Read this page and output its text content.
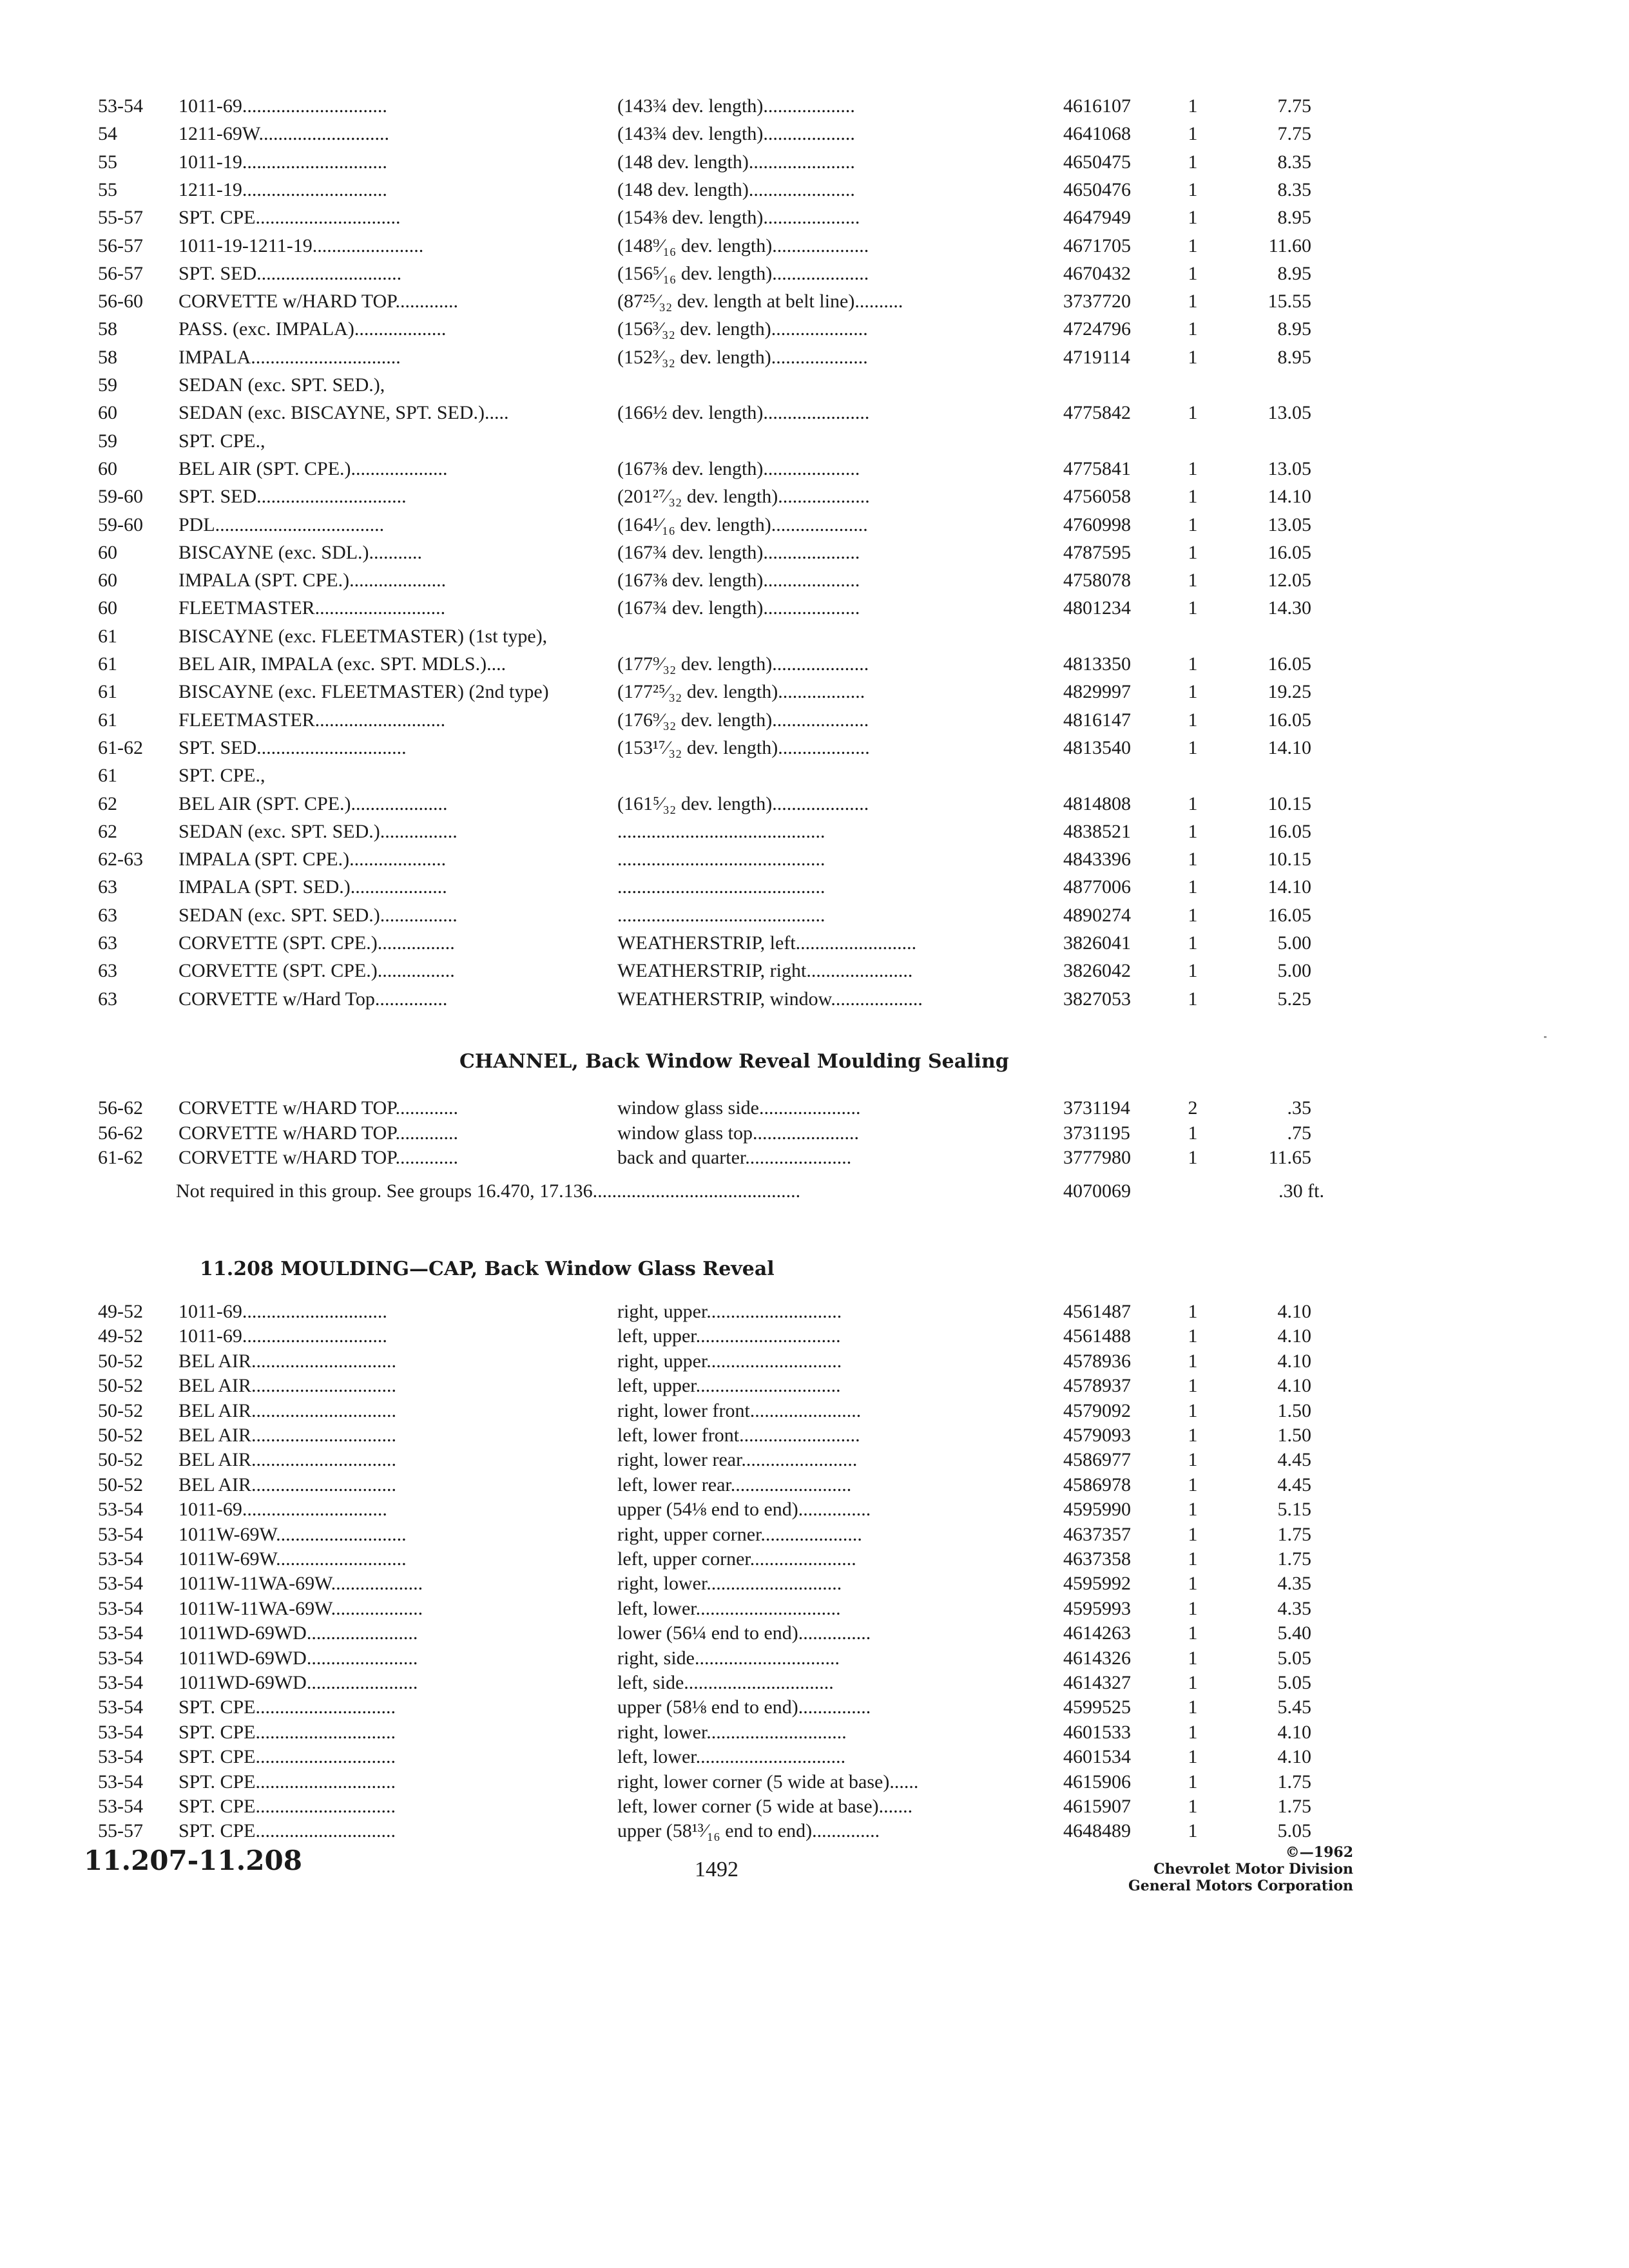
53-54	1011-69..............................	(143¾ dev. length)...................	4616107	1	7.75
54	1211-69W...........................	(143¾ dev. length)...................	4641068	1	7.75
55	1011-19..............................	(148 dev. length)......................	4650475	1	8.35
55	1211-19..............................	(148 dev. length)......................	4650476	1	8.35
55-57	SPT. CPE..............................	(154⅜ dev. length)....................	4647949	1	8.95
56-57	1011-19-1211-19.......................	(148⁹⁄₁₆ dev. length)....................	4671705	1	11.60
56-57	SPT. SED..............................	(156⁵⁄₁₆ dev. length)....................	4670432	1	8.95
56-60	CORVETTE w/HARD TOP.............	(87²⁵⁄₃₂ dev. length at belt line)..........	3737720	1	15.55
58	PASS. (exc. IMPALA)...................	(156³⁄₃₂ dev. length)....................	4724796	1	8.95
58	IMPALA...............................	(152³⁄₃₂ dev. length)....................	4719114	1	8.95
59	SEDAN (exc. SPT. SED.),
60	SEDAN (exc. BISCAYNE, SPT. SED.).....	(166½ dev. length)......................	4775842	1	13.05
59	SPT. CPE.,
60	BEL AIR (SPT. CPE.)....................	(167⅜ dev. length)....................	4775841	1	13.05
59-60	SPT. SED...............................	(201²⁷⁄₃₂ dev. length)...................	4756058	1	14.10
59-60	PDL...................................	(164¹⁄₁₆ dev. length)....................	4760998	1	13.05
60	BISCAYNE (exc. SDL.)...........	(167¾ dev. length)....................	4787595	1	16.05
60	IMPALA (SPT. CPE.)....................	(167⅜ dev. length)....................	4758078	1	12.05
60	FLEETMASTER...........................	(167¾ dev. length)....................	4801234	1	14.30
61	BISCAYNE (exc. FLEETMASTER) (1st type),
61	BEL AIR, IMPALA (exc. SPT. MDLS.)....	(177⁹⁄₃₂ dev. length)....................	4813350	1	16.05
61	BISCAYNE (exc. FLEETMASTER) (2nd type)	(177²⁵⁄₃₂ dev. length)..................	4829997	1	19.25
61	FLEETMASTER...........................	(176⁹⁄₃₂ dev. length)....................	4816147	1	16.05
61-62	SPT. SED...............................	(153¹⁷⁄₃₂ dev. length)...................	4813540	1	14.10
61	SPT. CPE.,
62	BEL AIR (SPT. CPE.)....................	(161⁵⁄₃₂ dev. length)....................	4814808	1	10.15
62	SEDAN (exc. SPT. SED.)................	...........................................	4838521	1	16.05
62-63	IMPALA (SPT. CPE.)....................	...........................................	4843396	1	10.15
63	IMPALA (SPT. SED.)....................	...........................................	4877006	1	14.10
63	SEDAN (exc. SPT. SED.)................	...........................................	4890274	1	16.05
63	CORVETTE (SPT. CPE.)................	WEATHERSTRIP, left.........................	3826041	1	5.00
63	CORVETTE (SPT. CPE.)................	WEATHERSTRIP, right......................	3826042	1	5.00
63	CORVETTE w/Hard Top...............	WEATHERSTRIP, window...................	3827053	1	5.25
CHANNEL, Back Window Reveal Moulding Sealing
56-62	CORVETTE w/HARD TOP.............	window glass side.....................	3731194	2	.35
56-62	CORVETTE w/HARD TOP.............	window glass top......................	3731195	1	.75
61-62	CORVETTE w/HARD TOP.............	back and quarter......................	3777980	1	11.65
Not required in this group. See groups 16.470, 17.136...........................................	4070069	.30 ft.
11.208 MOULDING—CAP, Back Window Glass Reveal
49-52	1011-69..............................	right, upper............................	4561487	1	4.10
49-52	1011-69..............................	left, upper..............................	4561488	1	4.10
50-52	BEL AIR..............................	right, upper............................	4578936	1	4.10
50-52	BEL AIR..............................	left, upper..............................	4578937	1	4.10
50-52	BEL AIR..............................	right, lower front.......................	4579092	1	1.50
50-52	BEL AIR..............................	left, lower front.........................	4579093	1	1.50
50-52	BEL AIR..............................	right, lower rear........................	4586977	1	4.45
50-52	BEL AIR..............................	left, lower rear.........................	4586978	1	4.45
53-54	1011-69..............................	upper (54⅛ end to end)...............	4595990	1	5.15
53-54	1011W-69W...........................	right, upper corner.....................	4637357	1	1.75
53-54	1011W-69W...........................	left, upper corner......................	4637358	1	1.75
53-54	1011W-11WA-69W...................	right, lower............................	4595992	1	4.35
53-54	1011W-11WA-69W...................	left, lower..............................	4595993	1	4.35
53-54	1011WD-69WD.......................	lower (56¼ end to end)...............	4614263	1	5.40
53-54	1011WD-69WD.......................	right, side..............................	4614326	1	5.05
53-54	1011WD-69WD.......................	left, side...............................	4614327	1	5.05
53-54	SPT. CPE.............................	upper (58⅛ end to end)...............	4599525	1	5.45
53-54	SPT. CPE.............................	right, lower.............................	4601533	1	4.10
53-54	SPT. CPE.............................	left, lower...............................	4601534	1	4.10
53-54	SPT. CPE.............................	right, lower corner (5 wide at base)......	4615906	1	1.75
53-54	SPT. CPE.............................	left, lower corner (5 wide at base).......	4615907	1	1.75
55-57	SPT. CPE.............................	upper (58¹³⁄₁₆ end to end)..............	4648489	1	5.05
11.207-11.208	1492
©—1962
Chevrolet Motor Division
General Motors Corporation
